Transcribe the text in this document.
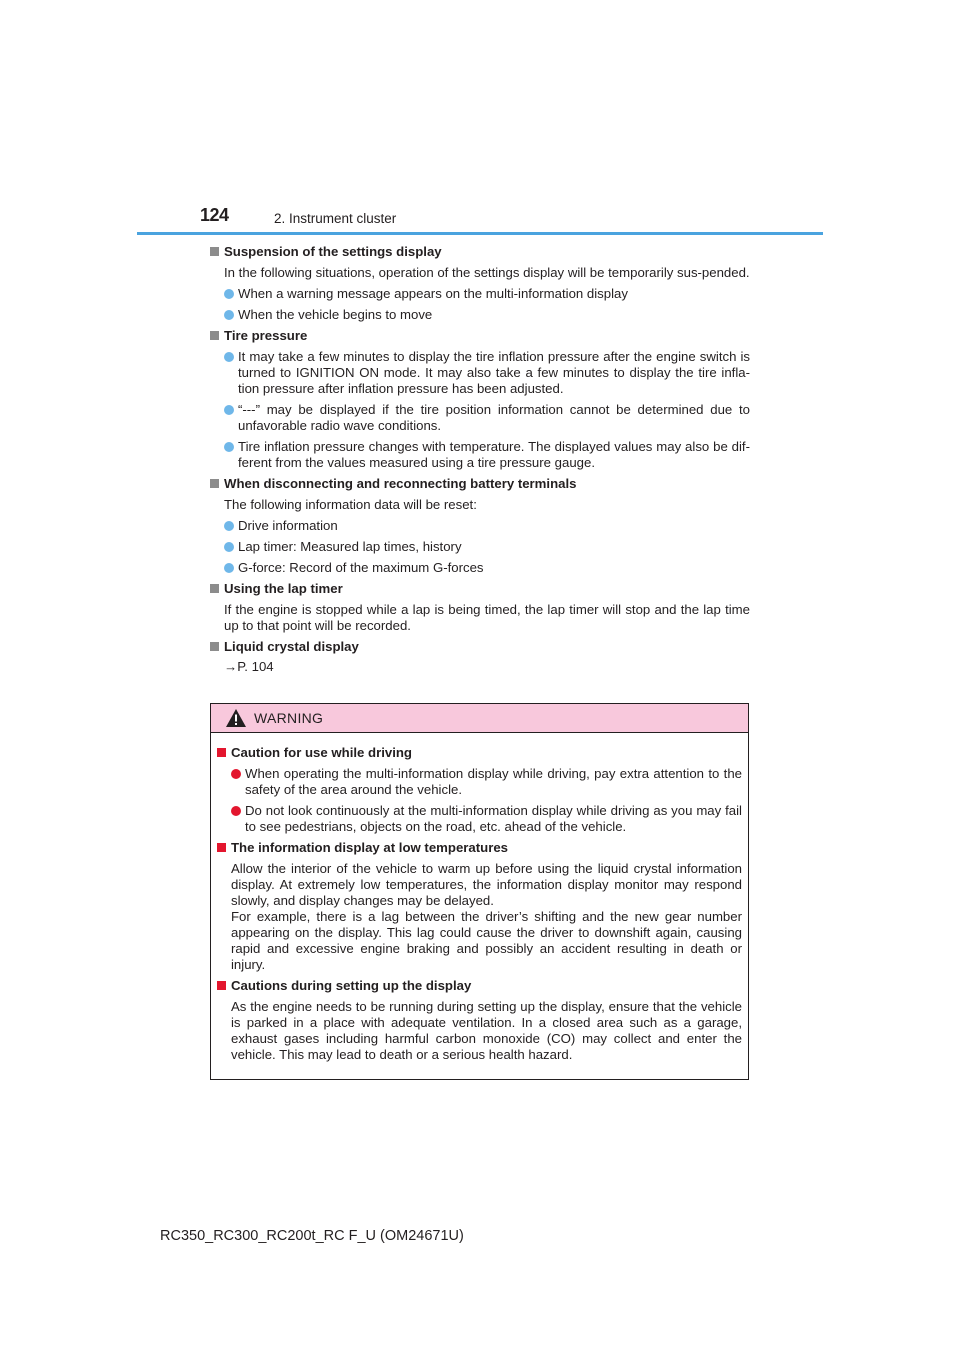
124	2. Instrument cluster
Suspension of the settings display
In the following situations, operation of the settings display will be temporarily sus-pended.
When a warning message appears on the multi-information display
When the vehicle begins to move
Tire pressure
It may take a few minutes to display the tire inflation pressure after the engine switch is turned to IGNITION ON mode. It may also take a few minutes to display the tire infla-tion pressure after inflation pressure has been adjusted.
“---” may be displayed if the tire position information cannot be determined due to unfavorable radio wave conditions.
Tire inflation pressure changes with temperature. The displayed values may also be dif-ferent from the values measured using a tire pressure gauge.
When disconnecting and reconnecting battery terminals
The following information data will be reset:
Drive information
Lap timer: Measured lap times, history
G-force: Record of the maximum G-forces
Using the lap timer
If the engine is stopped while a lap is being timed, the lap timer will stop and the lap time up to that point will be recorded.
Liquid crystal display
→P. 104
WARNING
Caution for use while driving
When operating the multi-information display while driving, pay extra attention to the safety of the area around the vehicle.
Do not look continuously at the multi-information display while driving as you may fail to see pedestrians, objects on the road, etc. ahead of the vehicle.
The information display at low temperatures
Allow the interior of the vehicle to warm up before using the liquid crystal information display. At extremely low temperatures, the information display monitor may respond slowly, and display changes may be delayed.
For example, there is a lag between the driver’s shifting and the new gear number appearing on the display. This lag could cause the driver to downshift again, causing rapid and excessive engine braking and possibly an accident resulting in death or injury.
Cautions during setting up the display
As the engine needs to be running during setting up the display, ensure that the vehicle is parked in a place with adequate ventilation. In a closed area such as a garage, exhaust gases including harmful carbon monoxide (CO) may collect and enter the vehicle. This may lead to death or a serious health hazard.
RC350_RC300_RC200t_RC F_U (OM24671U)
